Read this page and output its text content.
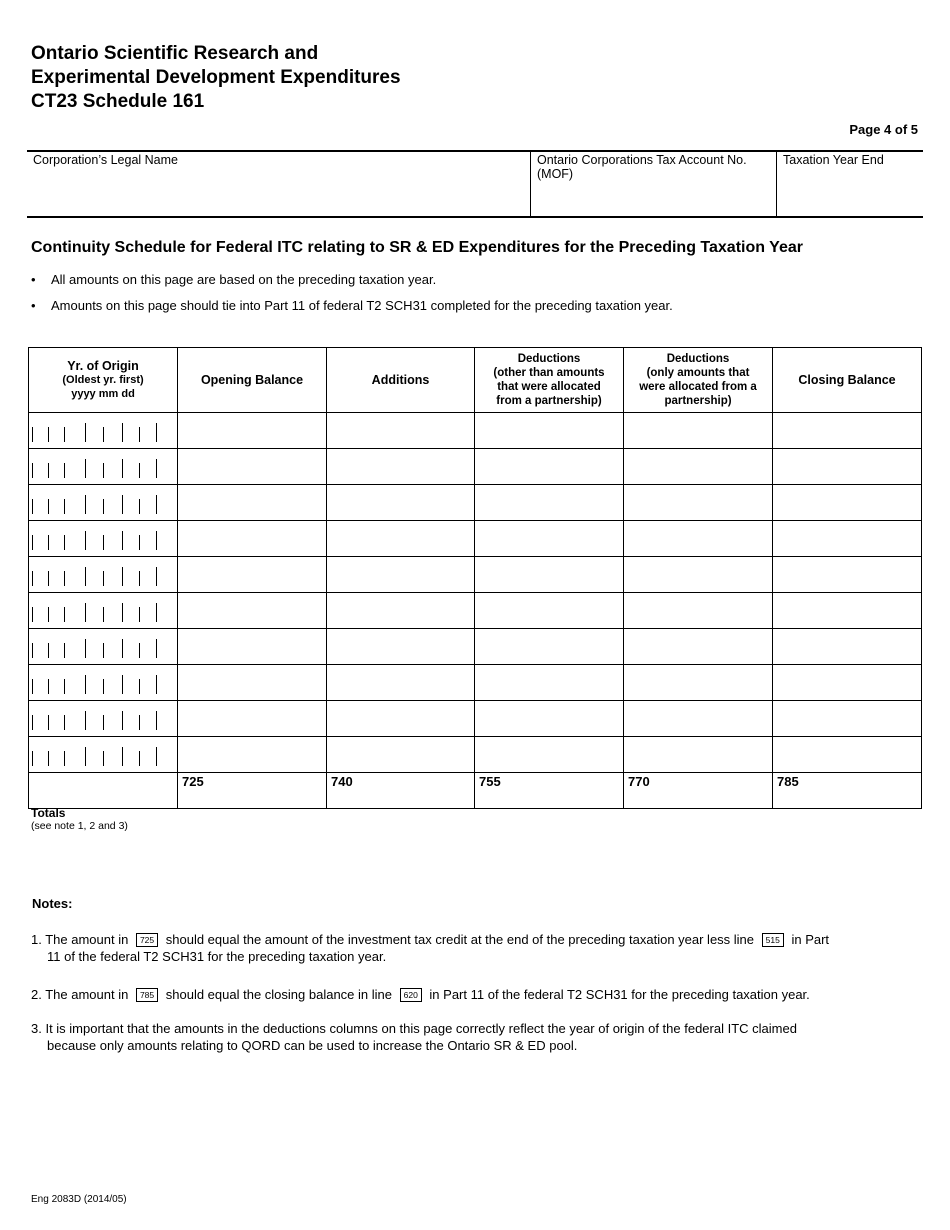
Ontario Scientific Research and
Experimental Development Expenditures
CT23 Schedule 161
Page 4 of 5
Corporation’s Legal Name	Ontario Corporations Tax Account No.
(MOF)
Taxation Year End
Continuity Schedule for Federal ITC relating to SR & ED Expenditures for the Preceding Taxation Year
• All amounts on this page are based on the preceding taxation year.
• Amounts on this page should tie into Part 11 of federal T2 SCH31 completed for the preceding taxation year.
Yr. of Origin
(Oldest yr. first)
yyyy mm dd	Opening Balance	Additions	Deductions
(other than amounts
that were allocated
from a partnership)	Deductions
(only amounts that
were allocated from a
partnership)	Closing Balance

Totals
(see note 1, 2 and 3)	725	740	755	770	785
Notes:
1. The amount in 725 should equal the amount of the investment tax credit at the end of the preceding taxation year less line 515 in Part
11 of the federal T2 SCH31 for the preceding taxation year.
2. The amount in 785 should equal the closing balance in line 620 in Part 11 of the federal T2 SCH31 for the preceding taxation year.
3. It is important that the amounts in the deductions columns on this page correctly reflect the year of origin of the federal ITC claimed
because only amounts relating to QORD can be used to increase the Ontario SR & ED pool.
Eng 2083D (2014/05)
